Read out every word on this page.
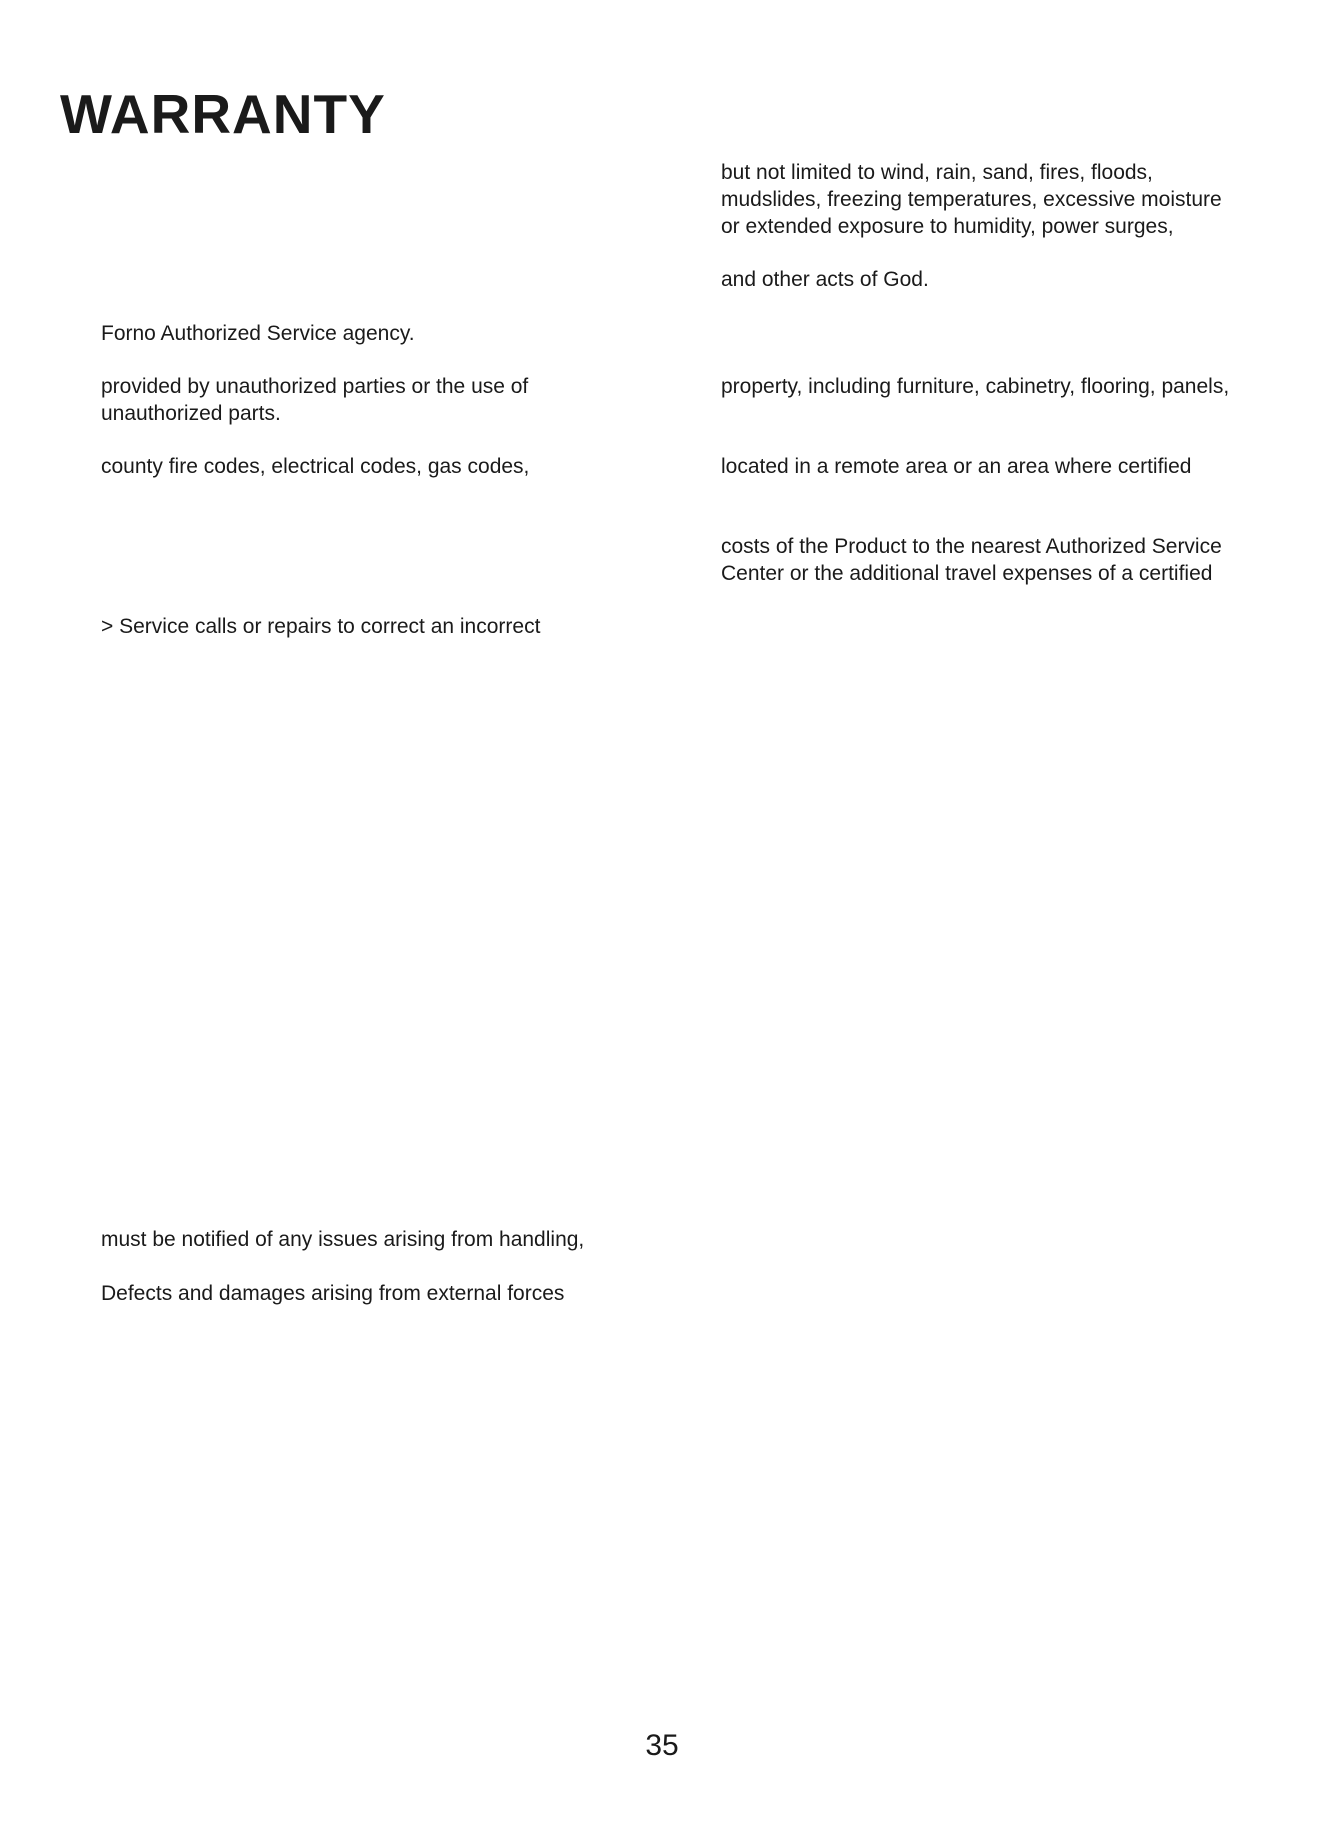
WARRANTY
Forno Authorized Service agency.
provided by unauthorized parties or the use of
unauthorized parts.
county fire codes, electrical codes, gas codes,
> Service calls or repairs to correct an incorrect
must be notified of any issues arising from handling,
Defects and damages arising from external forces
but not limited to wind, rain, sand, fires, floods,
mudslides, freezing temperatures, excessive moisture
or extended exposure to humidity, power surges,
and other acts of God.
property, including furniture, cabinetry, flooring, panels,
located in a remote area or an area where certified
costs of the Product to the nearest Authorized Service
Center or the additional travel expenses of a certified
35
